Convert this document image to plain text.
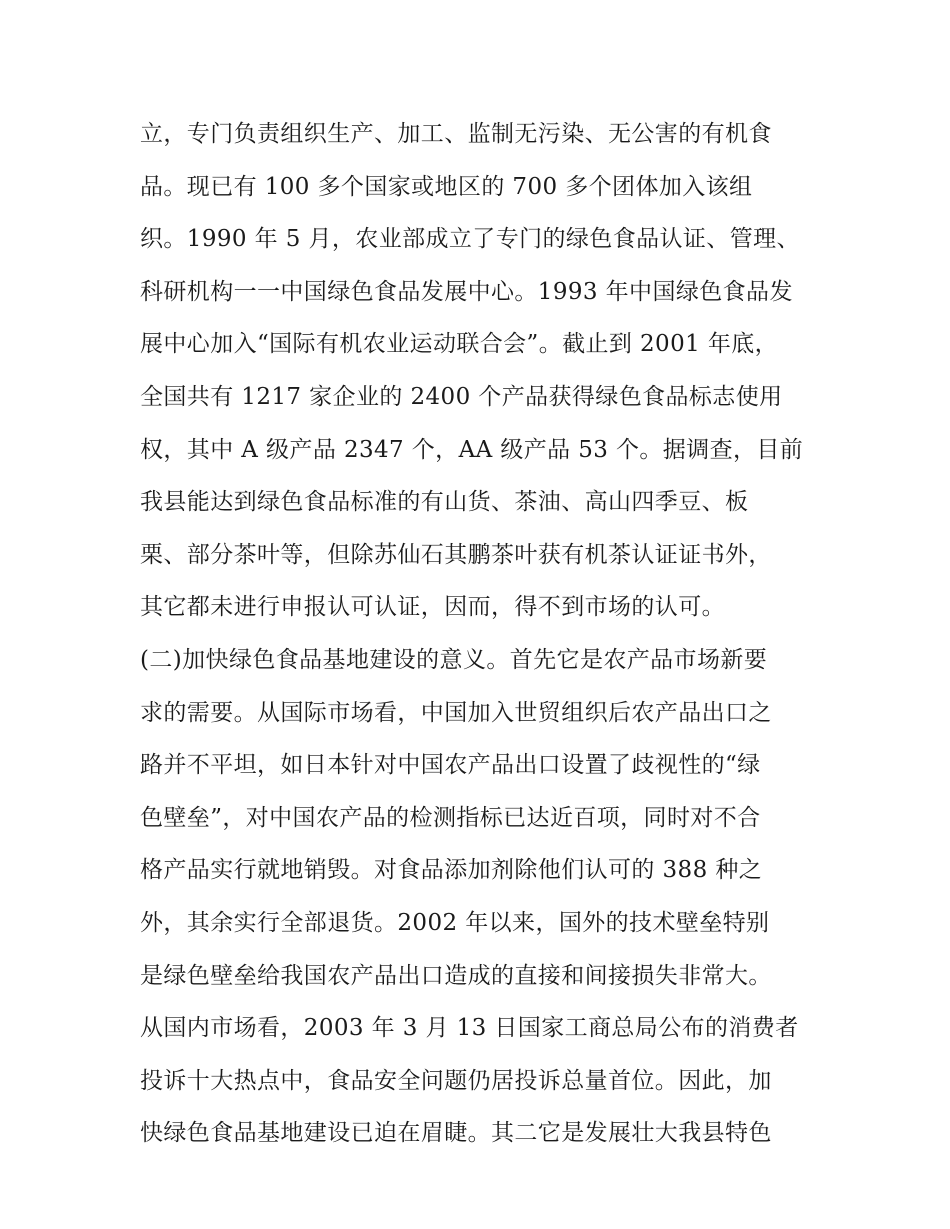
立，专门负责组织生产、加工、监制无污染、无公害的有机食
品。现已有 100 多个国家或地区的 700 多个团体加入该组
织。1990 年 5 月，农业部成立了专门的绿色食品认证、管理、
科研机构一一中国绿色食品发展中心。1993 年中国绿色食品发
展中心加入“国际有机农业运动联合会”。截止到 2001 年底，
全国共有 1217 家企业的 2400 个产品获得绿色食品标志使用
权，其中 A 级产品 2347 个，AA 级产品 53 个。据调查，目前
我县能达到绿色食品标准的有山货、茶油、高山四季豆、板
栗、部分茶叶等，但除苏仙石其鹏茶叶获有机茶认证证书外，
其它都未进行申报认可认证，因而，得不到市场的认可。
(二)加快绿色食品基地建设的意义。首先它是农产品市场新要
求的需要。从国际市场看，中国加入世贸组织后农产品出口之
路并不平坦，如日本针对中国农产品出口设置了歧视性的“绿
色壁垒”，对中国农产品的检测指标已达近百项，同时对不合
格产品实行就地销毁。对食品添加剂除他们认可的 388 种之
外，其余实行全部退货。2002 年以来，国外的技术壁垒特别
是绿色壁垒给我国农产品出口造成的直接和间接损失非常大。
从国内市场看，2003 年 3 月 13 日国家工商总局公布的消费者
投诉十大热点中，食品安全问题仍居投诉总量首位。因此，加
快绿色食品基地建设已迫在眉睫。其二它是发展壮大我县特色
